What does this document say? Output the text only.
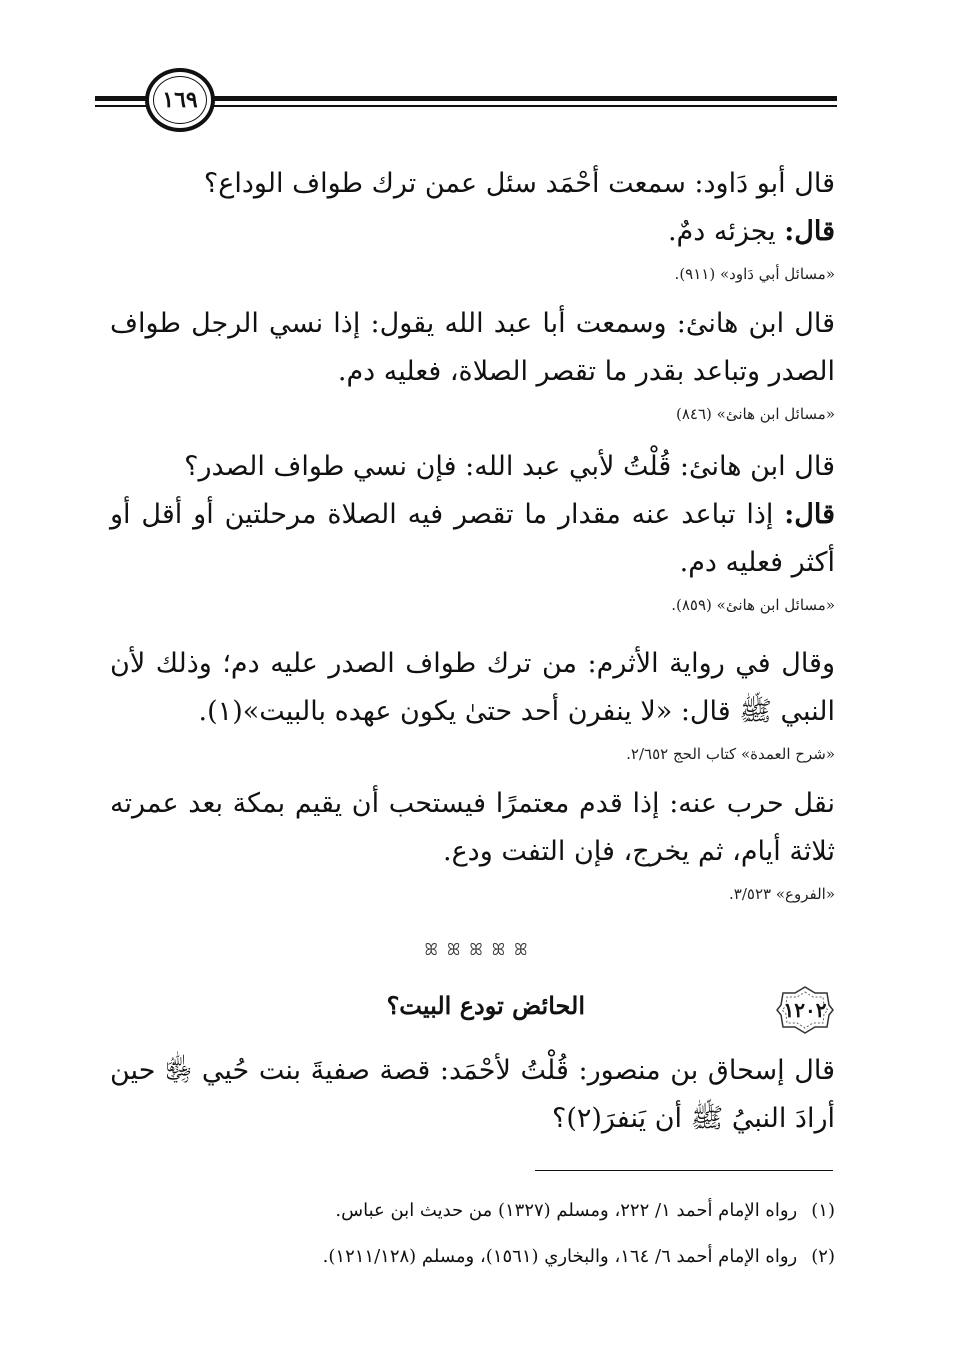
١٦٩

قال أبو دَاود: سمعت أحْمَد سئل عمن ترك طواف الوداع؟

قال: يجزئه دمٌ.

«مسائل أبي دَاود» (٩١١).

قال ابن هانئ: وسمعت أبا عبد الله يقول: إذا نسي الرجل طواف الصدر وتباعد بقدر ما تقصر الصلاة، فعليه دم.

«مسائل ابن هانئ» (٨٤٦)

قال ابن هانئ: قُلْتُ لأبي عبد الله: فإن نسي طواف الصدر؟

قال: إذا تباعد عنه مقدار ما تقصر فيه الصلاة مرحلتين أو أقل أو أكثر فعليه دم.

«مسائل ابن هانئ» (٨٥٩).

وقال في رواية الأثرم: من ترك طواف الصدر عليه دم؛ وذلك لأن النبي ﷺ قال: «لا ينفرن أحد حتىٰ يكون عهده بالبيت»(١).

«شرح العمدة» كتاب الحج ٢/٦٥٢.

نقل حرب عنه: إذا قدم معتمرًا فيستحب أن يقيم بمكة بعد عمرته ثلاثة أيام، ثم يخرج، فإن التفت ودع.

«الفروع» ٣/٥٢٣.

ꕤ ꕤ ꕤ ꕤ ꕤ
١٢٠٢
الحائض تودع البيت؟

قال إسحاق بن منصور: قُلْتُ لأحْمَد: قصة صفيةَ بنت حُيي ﵂ حين أرادَ النبيُ ﷺ أن يَنفرَ(٢)؟

(١)رواه الإمام أحمد ١/ ٢٢٢، ومسلم (١٣٢٧) من حديث ابن عباس.

(٢)رواه الإمام أحمد ٦/ ١٦٤، والبخاري (١٥٦١)، ومسلم (١٢١١/١٢٨).
